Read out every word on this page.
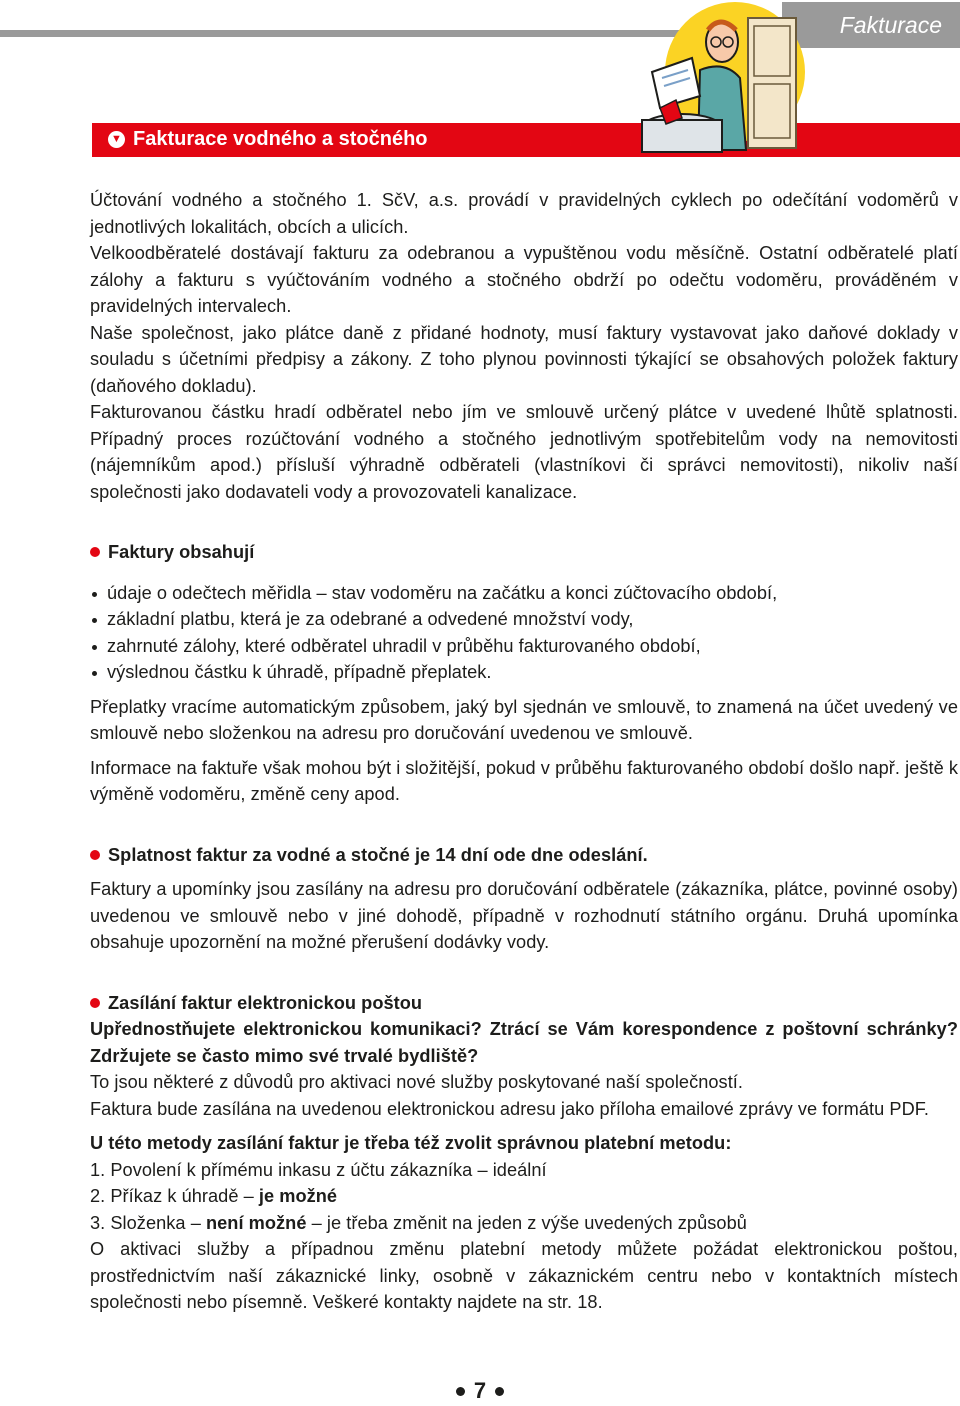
Fakturace
▼ Fakturace vodného a stočného

Účtování vodného a stočného 1. SčV, a.s. provádí v pravidelných cyklech po odečítání vodoměrů v jednotlivých lokalitách, obcích a ulicích.

Velkoodběratelé dostávají fakturu za odebranou a vypuštěnou vodu měsíčně. Ostatní odběratelé platí zálohy a fakturu s vyúčtováním vodného a stočného obdrží po odečtu vodoměru, prováděném v pravidelných intervalech.

Naše společnost, jako plátce daně z přidané hodnoty, musí faktury vystavovat jako daňové doklady v souladu s účetními předpisy a zákony. Z toho plynou povinnosti týkající se obsahových položek faktury (daňového dokladu).

Fakturovanou částku hradí odběratel nebo jím ve smlouvě určený plátce v uvedené lhůtě splatnosti. Případný proces rozúčtování vodného a stočného jednotlivým spotřebitelům vody na nemovitosti (nájemníkům apod.) přísluší výhradně odběrateli (vlastníkovi či správci nemovitosti), nikoliv naší společnosti jako dodavateli vody a provozovateli kanalizace.

Faktury obsahují
údaje o odečtech měřidla – stav vodoměru na začátku a konci zúčtovacího období,
základní platbu, která je za odebrané a odvedené množství vody,
zahrnuté zálohy, které odběratel uhradil v průběhu fakturovaného období,
výslednou částku k úhradě, případně přeplatek.

Přeplatky vracíme automatickým způsobem, jaký byl sjednán ve smlouvě, to znamená na účet uvedený ve smlouvě nebo složenkou na adresu pro doručování uvedenou ve smlouvě.

Informace na faktuře však mohou být i složitější, pokud v průběhu fakturovaného období došlo např. ještě k výměně vodoměru, změně ceny apod.

Splatnost faktur za vodné a stočné je 14 dní ode dne odeslání.

Faktury a upomínky jsou zasílány na adresu pro doručování odběratele (zákazníka, plátce, povinné osoby) uvedenou ve smlouvě nebo v jiné dohodě, případně v rozhodnutí státního orgánu. Druhá upomínka obsahuje upozornění na možné přerušení dodávky vody.

Zasílání faktur elektronickou poštou

Upřednostňujete elektronickou komunikaci? Ztrácí se Vám korespondence z poštovní schránky? Zdržujete se často mimo své trvalé bydliště?

To jsou některé z důvodů pro aktivaci nové služby poskytované naší společností.

Faktura bude zasílána na uvedenou elektronickou adresu jako příloha emailové zprávy ve formátu PDF.

U této metody zasílání faktur je třeba též zvolit správnou platební metodu:

1. Povolení k přímému inkasu z účtu zákazníka – ideální

2. Příkaz k úhradě – je možné

3. Složenka – není možné – je třeba změnit na jeden z výše uvedených způsobů

O aktivaci služby a případnou změnu platební metody můžete požádat elektronickou poštou, prostřednictvím naší zákaznické linky, osobně v zákaznickém centru nebo v kontaktních místech společnosti nebo písemně. Veškeré kontakty najdete na str. 18.

7
